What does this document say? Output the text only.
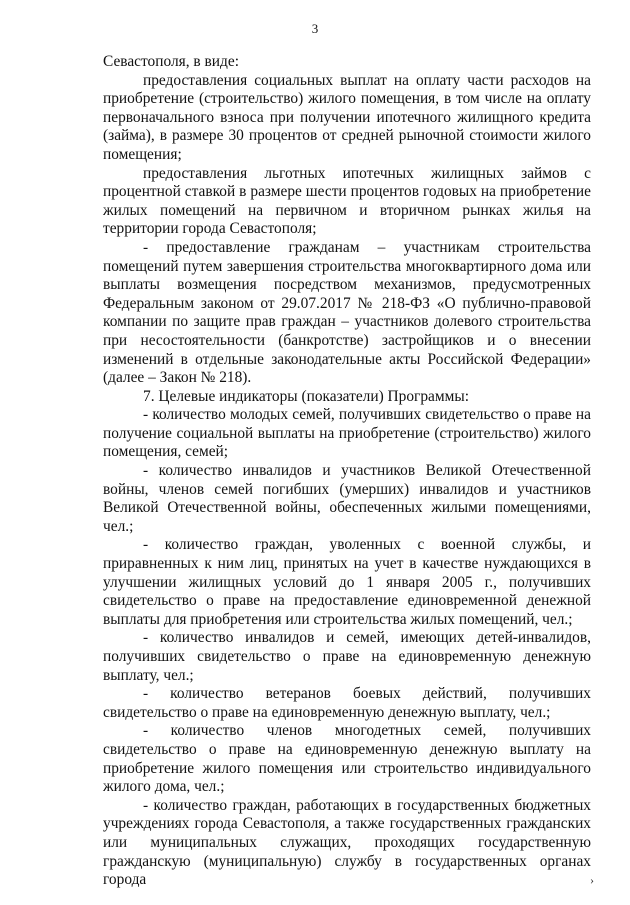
3

Севастополя, в виде:

предоставления социальных выплат на оплату части расходов на приобретение (строительство) жилого помещения, в том числе на оплату первоначального взноса при получении ипотечного жилищного кредита (займа), в размере 30 процентов от средней рыночной стоимости жилого помещения;

предоставления льготных ипотечных жилищных займов с процентной ставкой в размере шести процентов годовых на приобретение жилых помещений на первичном и вторичном рынках жилья на территории города Севастополя;

- предоставление гражданам – участникам строительства помещений путем завершения строительства многоквартирного дома или выплаты возмещения посредством механизмов, предусмотренных Федеральным законом от 29.07.2017 № 218-ФЗ «О публично-правовой компании по защите прав граждан – участников долевого строительства при несостоятельности (банкротстве) застройщиков и о внесении изменений в отдельные законодательные акты Российской Федерации» (далее – Закон № 218).

7. Целевые индикаторы (показатели) Программы:

- количество молодых семей, получивших свидетельство о праве на получение социальной выплаты на приобретение (строительство) жилого помещения, семей;

- количество инвалидов и участников Великой Отечественной войны, членов семей погибших (умерших) инвалидов и участников Великой Отечественной войны, обеспеченных жилыми помещениями, чел.;

- количество граждан, уволенных с военной службы, и приравненных к ним лиц, принятых на учет в качестве нуждающихся в улучшении жилищных условий до 1 января 2005 г., получивших свидетельство о праве на предоставление единовременной денежной выплаты для приобретения или строительства жилых помещений, чел.;

- количество инвалидов и семей, имеющих детей-инвалидов, получивших свидетельство о праве на единовременную денежную выплату, чел.;

- количество ветеранов боевых действий, получивших свидетельство о праве на единовременную денежную выплату, чел.;

- количество членов многодетных семей, получивших свидетельство о праве на единовременную денежную выплату на приобретение жилого помещения или строительство индивидуального жилого дома, чел.;

- количество граждан, работающих в государственных бюджетных учреждениях города Севастополя, а также государственных гражданских или муниципальных служащих, проходящих государственную гражданскую (муниципальную) службу в государственных органах города	›
